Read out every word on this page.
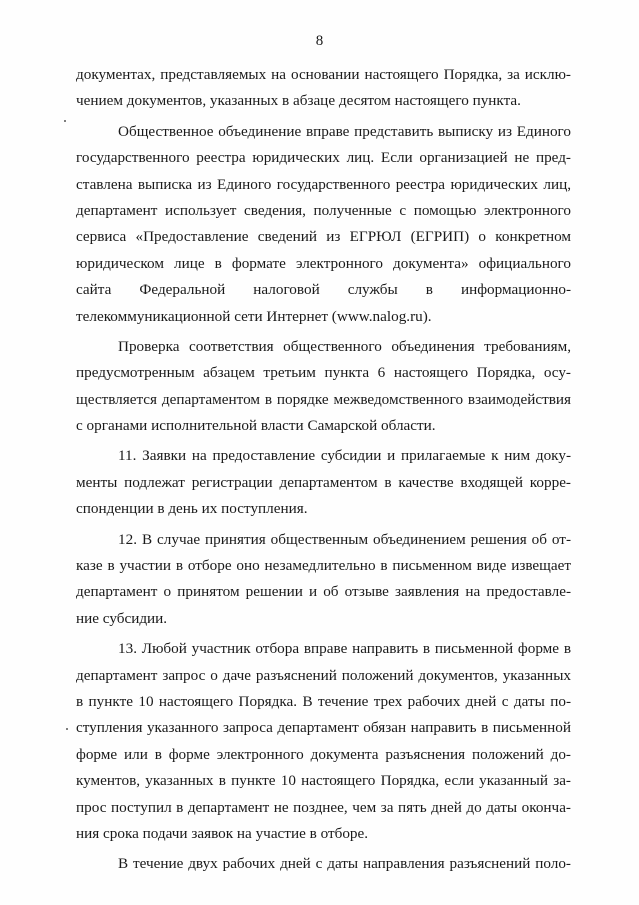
8
документах, представляемых на основании настоящего Порядка, за исклю-
чением документов, указанных в абзаце десятом настоящего пункта.
Общественное объединение вправе представить выписку из Единого
государственного реестра юридических лиц. Если организацией не пред-
ставлена выписка из Единого государственного реестра юридических лиц,
департамент использует сведения, полученные с помощью электронного
сервиса «Предоставление сведений из ЕГРЮЛ (ЕГРИП) о конкретном
юридическом лице в формате электронного документа» официального
сайта Федеральной налоговой службы в информационно-
телекоммуникационной сети Интернет (www.nalog.ru).
Проверка соответствия общественного объединения требованиям,
предусмотренным абзацем третьим пункта 6 настоящего Порядка, осу-
ществляется департаментом в порядке межведомственного взаимодействия
с органами исполнительной власти Самарской области.
11. Заявки на предоставление субсидии и прилагаемые к ним доку-
менты подлежат регистрации департаментом в качестве входящей корре-
спонденции в день их поступления.
12. В случае принятия общественным объединением решения об от-
казе в участии в отборе оно незамедлительно в письменном виде извещает
департамент о принятом решении и об отзыве заявления на предоставле-
ние субсидии.
13. Любой участник отбора вправе направить в письменной форме в
департамент запрос о даче разъяснений положений документов, указанных
в пункте 10 настоящего Порядка. В течение трех рабочих дней с даты по-
ступления указанного запроса департамент обязан направить в письменной
форме или в форме электронного документа разъяснения положений до-
кументов, указанных в пункте 10 настоящего Порядка, если указанный за-
прос поступил в департамент не позднее, чем за пять дней до даты оконча-
ния срока подачи заявок на участие в отборе.
В течение двух рабочих дней с даты направления разъяснений поло-
